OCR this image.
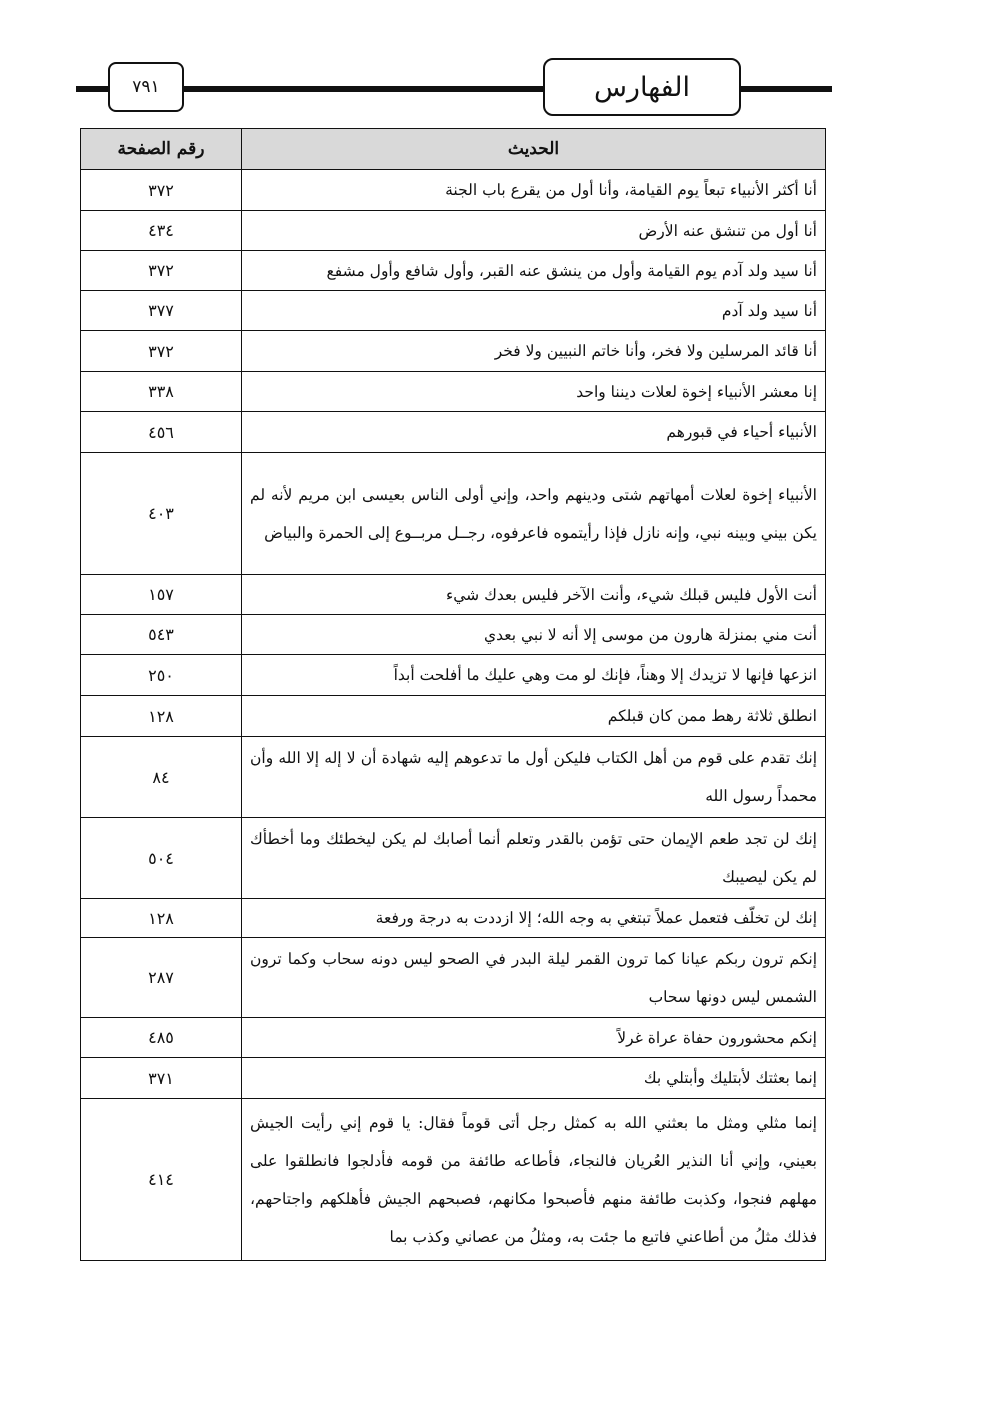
٧٩١	الفهارس
الحديث	رقم الصفحة
أنا أكثر الأنبياء تبعاً يوم القيامة، وأنا أول من يقرع باب الجنة	٣٧٢
أنا أول من تنشق عنه الأرض	٤٣٤
أنا سيد ولد آدم يوم القيامة وأول من ينشق عنه القبر، وأول شافع وأول مشفع	٣٧٢
أنا سيد ولد آدم	٣٧٧
أنا قائد المرسلين ولا فخر، وأنا خاتم النبيين ولا فخر	٣٧٢
إنا معشر الأنبياء إخوة لعلات ديننا واحد	٣٣٨
الأنبياء أحياء في قبورهم	٤٥٦
الأنبياء إخوة لعلات أمهاتهم شتى ودينهم واحد، وإني أولى الناس بعيسى ابن مريم لأنه لم يكن بيني وبينه نبي، وإنه نازل فإذا رأيتموه فاعرفوه، رجــل مربــوع إلى الحمرة والبياض	٤٠٣
أنت الأول فليس قبلك شيء، وأنت الآخر فليس بعدك شيء	١٥٧
أنت مني بمنزلة هارون من موسى إلا أنه لا نبي بعدي	٥٤٣
انزعها فإنها لا تزيدك إلا وهناً، فإنك لو مت وهي عليك ما أفلحت أبداً	٢٥٠
انطلق ثلاثة رهط ممن كان قبلكم	١٢٨
إنك تقدم على قوم من أهل الكتاب فليكن أول ما تدعوهم إليه شهادة أن لا إله إلا الله وأن محمداً رسول الله	٨٤
إنك لن تجد طعم الإيمان حتى تؤمن بالقدر وتعلم أنما أصابك لم يكن ليخطئك وما أخطأك لم يكن ليصيبك	٥٠٤
إنك لن تخلّف فتعمل عملاً تبتغي به وجه الله؛ إلا ازددت به درجة ورفعة	١٢٨
إنكم ترون ربكم عيانا كما ترون القمر ليلة البدر في الصحو ليس دونه سحاب وكما ترون الشمس ليس دونها سحاب	٢٨٧
إنكم محشورون حفاة عراة غرلاً	٤٨٥
إنما بعثتك لأبتليك وأبتلي بك	٣٧١
إنما مثلي ومثل ما بعثني الله به كمثل رجل أتى قوماً فقال: يا قوم إني رأيت الجيش بعيني، وإني أنا النذير العُريان فالنجاء، فأطاعه طائفة من قومه فأدلجوا فانطلقوا على مهلهم فنجوا، وكذبت طائفة منهم فأصبحوا مكانهم، فصبحهم الجيش فأهلكهم واجتاحهم، فذلك مثلُ من أطاعني فاتبع ما جئت به، ومثلُ من عصاني وكذب بما	٤١٤
